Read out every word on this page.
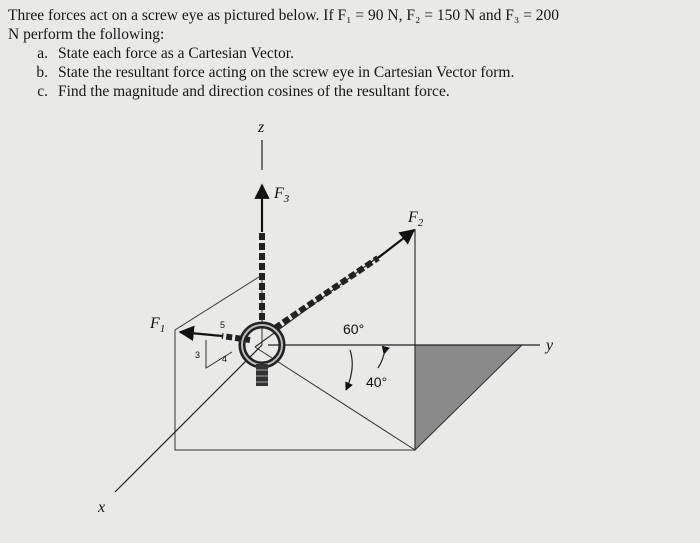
Three forces act on a screw eye as pictured below. If F₁ = 90 N, F₂ = 150 N and F₃ = 200
N perform the following:
a. State each force as a Cartesian Vector.
b. State the resultant force acting on the screw eye in Cartesian Vector form.
c. Find the magnitude and direction cosines of the resultant force.
z
x
y
$F_3$
$F_2$
$F_1$	60°
40°
5
4
3
